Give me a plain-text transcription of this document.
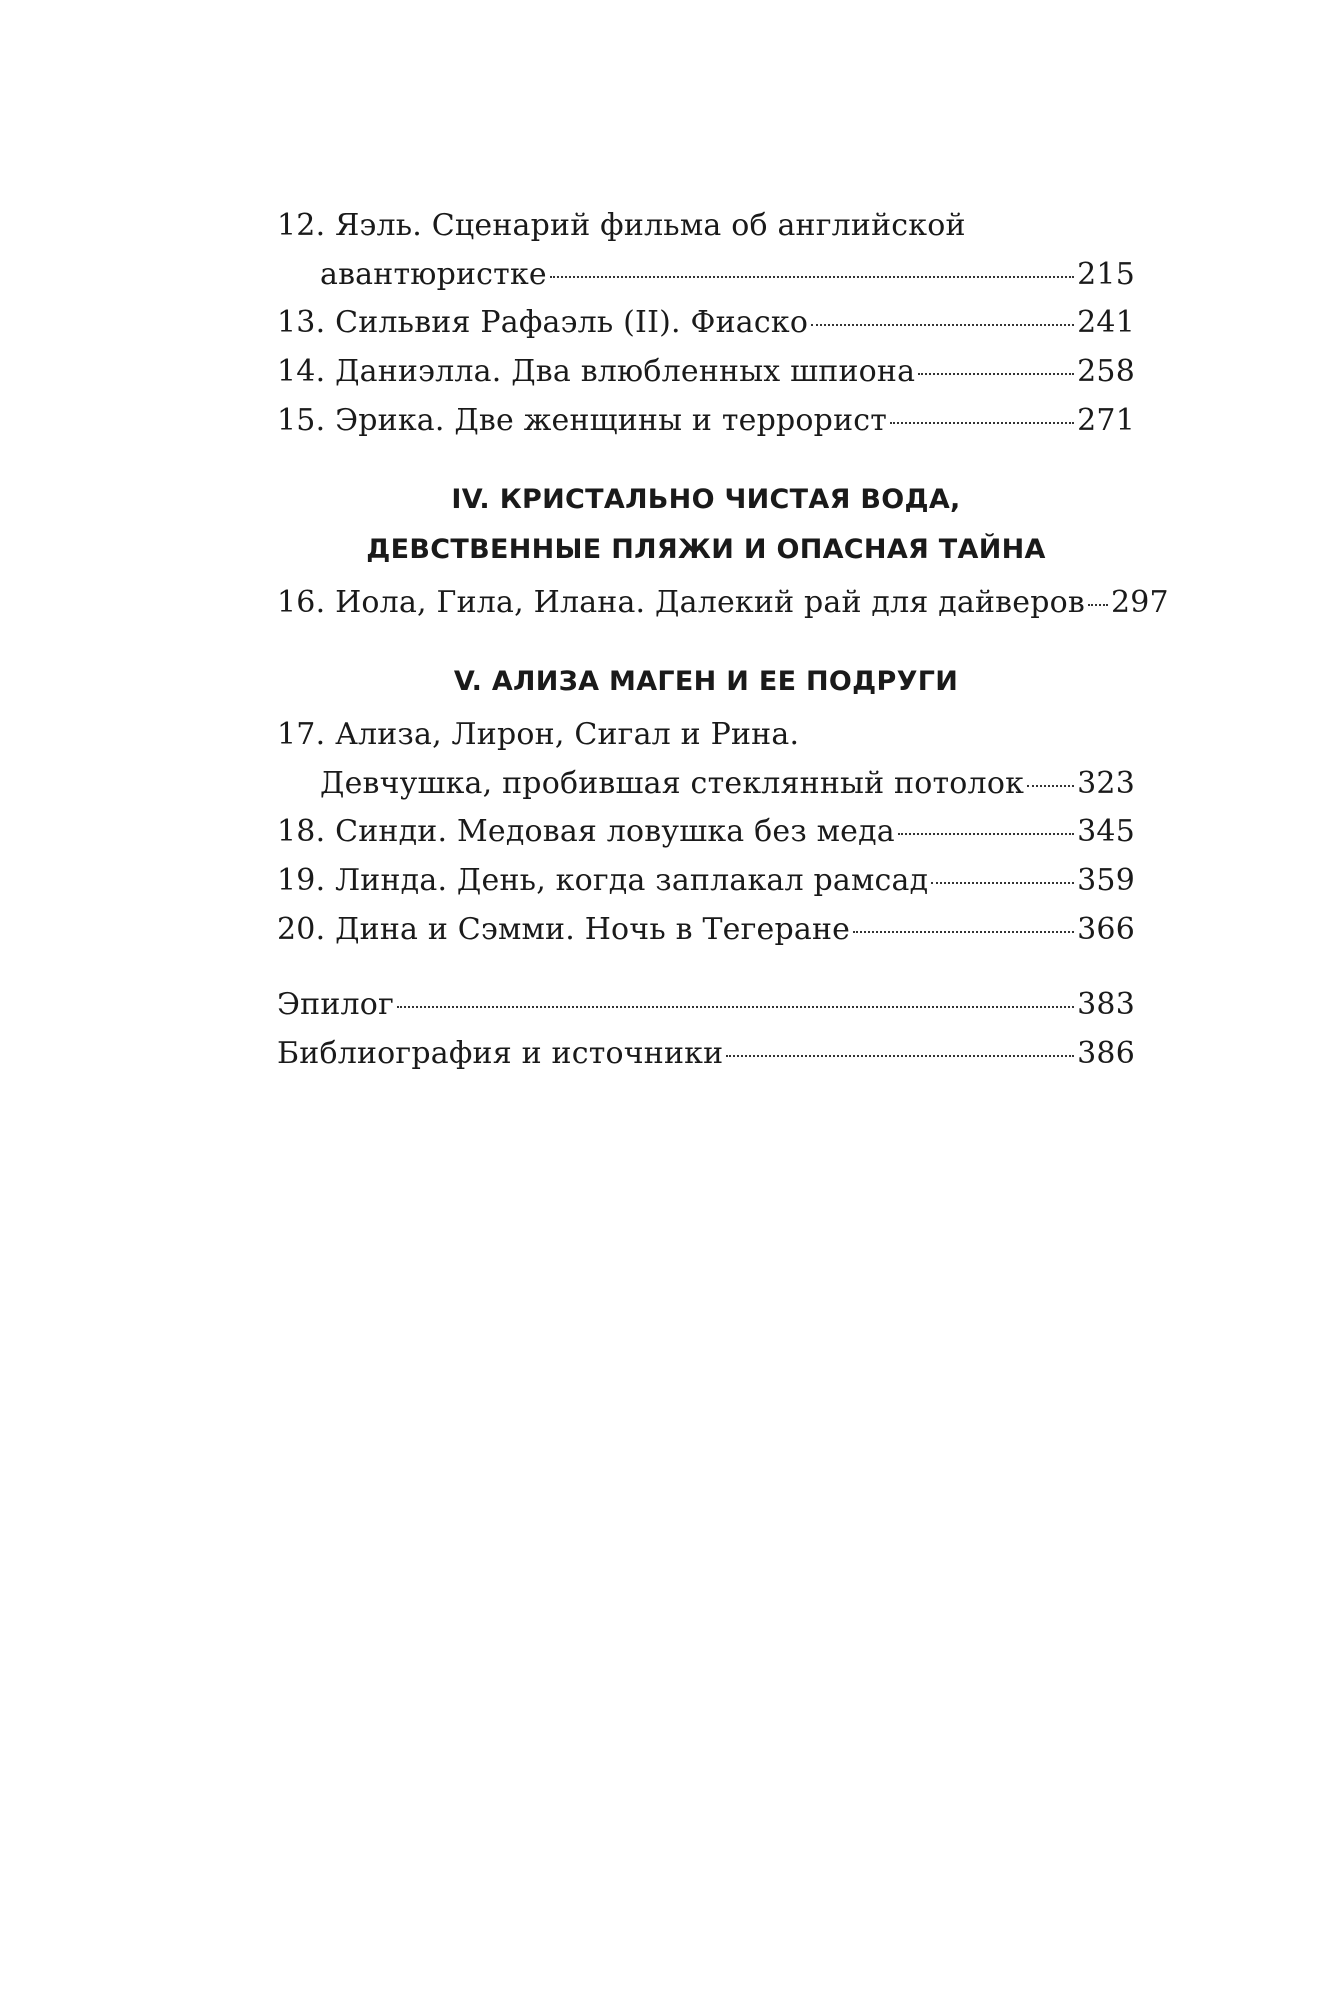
12. Яэль. Сценарий фильма об английской
авантюристке	215
13. Сильвия Рафаэль (II). Фиаско	241
14. Даниэлла. Два влюбленных шпиона	258
15. Эрика. Две женщины и террорист	271
IV. КРИСТАЛЬНО ЧИСТАЯ ВОДА,
ДЕВСТВЕННЫЕ ПЛЯЖИ И ОПАСНАЯ ТАЙНА
16. Иола, Гила, Илана. Далекий рай для дайверов 297
V. АЛИЗА МАГЕН И ЕЕ ПОДРУГИ
17. Ализа, Лирон, Сигал и Рина.
Девчушка, пробившая стеклянный потолок 323
18. Синди. Медовая ловушка без меда	345
19. Линда. День, когда заплакал рамсад	359
20. Дина и Сэмми. Ночь в Тегеране	366
Эпилог	383
Библиография и источники	386
